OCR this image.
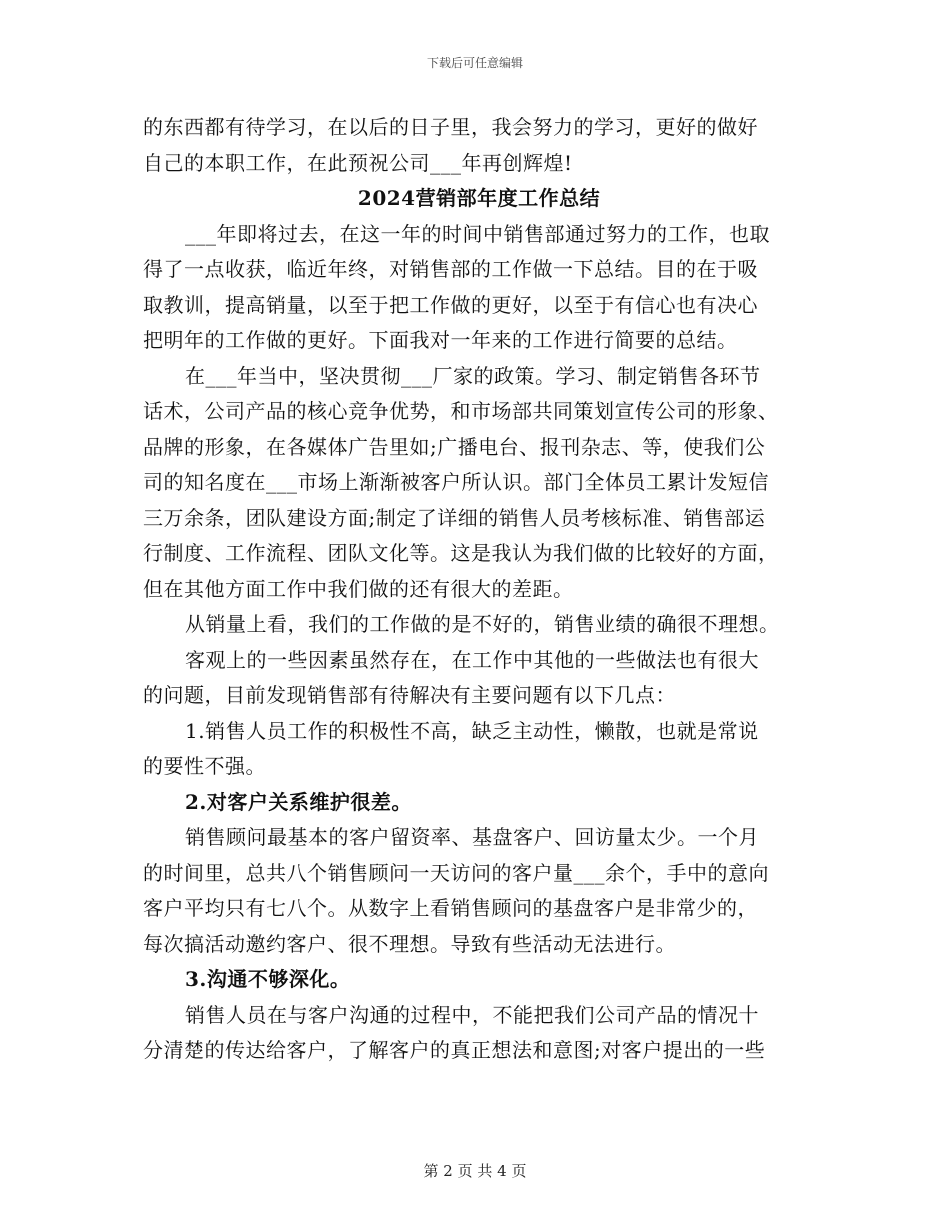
下载后可任意编辑
的东西都有待学习，在以后的日子里，我会努力的学习，更好的做好
自己的本职工作，在此预祝公司___年再创辉煌!
2024营销部年度工作总结
___年即将过去，在这一年的时间中销售部通过努力的工作，也取
得了一点收获，临近年终，对销售部的工作做一下总结。目的在于吸
取教训，提高销量，以至于把工作做的更好，以至于有信心也有决心
把明年的工作做的更好。下面我对一年来的工作进行简要的总结。
在___年当中，坚决贯彻___厂家的政策。学习、制定销售各环节
话术，公司产品的核心竞争优势，和市场部共同策划宣传公司的形象、
品牌的形象，在各媒体广告里如;广播电台、报刊杂志、等，使我们公
司的知名度在___市场上渐渐被客户所认识。部门全体员工累计发短信
三万余条，团队建设方面;制定了详细的销售人员考核标准、销售部运
行制度、工作流程、团队文化等。这是我认为我们做的比较好的方面，
但在其他方面工作中我们做的还有很大的差距。
从销量上看，我们的工作做的是不好的，销售业绩的确很不理想。
客观上的一些因素虽然存在，在工作中其他的一些做法也有很大
的问题，目前发现销售部有待解决有主要问题有以下几点：
1.销售人员工作的积极性不高，缺乏主动性，懒散，也就是常说
的要性不强。
2.对客户关系维护很差。
销售顾问最基本的客户留资率、基盘客户、回访量太少。一个月
的时间里，总共八个销售顾问一天访问的客户量___余个，手中的意向
客户平均只有七八个。从数字上看销售顾问的基盘客户是非常少的，
每次搞活动邀约客户、很不理想。导致有些活动无法进行。
3.沟通不够深化。
销售人员在与客户沟通的过程中，不能把我们公司产品的情况十
分清楚的传达给客户，了解客户的真正想法和意图;对客户提出的一些
第 2 页 共 4 页
